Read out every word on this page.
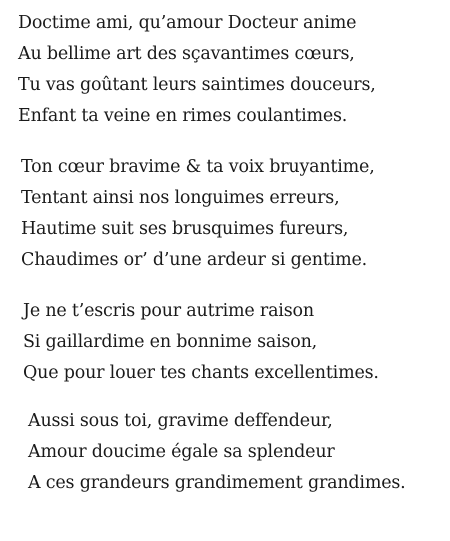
Doctime ami, qu’amour Docteur anime
Au bellime art des sçavantimes cœurs,
Tu vas goûtant leurs saintimes douceurs,
Enfant ta veine en rimes coulantimes.
Ton cœur bravime & ta voix bruyantime,
Tentant ainsi nos longuimes erreurs,
Hautime suit ses brusquimes fureurs,
Chaudimes or’ d’une ardeur si gentime.
Je ne t’escris pour autrime raison
Si gaillardime en bonnime saison,
Que pour louer tes chants excellentimes.
Aussi sous toi, gravime deffendeur,
Amour doucime égale sa splendeur
A ces grandeurs grandimement grandimes.
